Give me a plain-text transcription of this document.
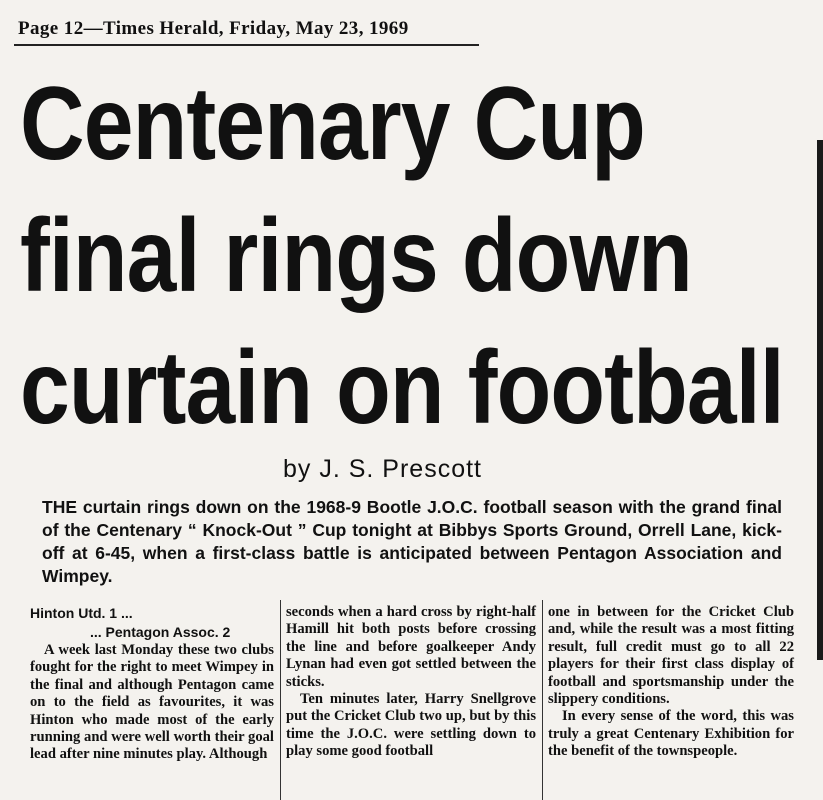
Page 12—Times Herald, Friday, May 23, 1969
Centenary Cup
final rings down
curtain on football
by J. S. Prescott
THE curtain rings down on the 1968-9 Bootle J.O.C. football season with the grand final of the Centenary “ Knock-Out ” Cup tonight at Bibbys Sports Ground, Orrell Lane, kick-off at 6-45, when a first-class battle is anticipated between Pentagon Association and Wimpey.
Hinton Utd. 1 ...
... Pentagon Assoc. 2

A week last Monday these two clubs fought for the right to meet Wimpey in the final and although Pentagon came on to the field as favourites, it was Hinton who made most of the early running and were well worth their goal lead after nine minutes play. Although

seconds when a hard cross by right-half Hamill hit both posts before crossing the line and before goalkeeper Andy Lynan had even got settled between the sticks.

Ten minutes later, Harry Snellgrove put the Cricket Club two up, but by this time the J.O.C. were settling down to play some good football

one in between for the Cricket Club and, while the result was a most fitting result, full credit must go to all 22 players for their first class display of football and sportsmanship under the slippery conditions.

In every sense of the word, this was truly a great Centenary Exhibition for the benefit of the townspeople.
